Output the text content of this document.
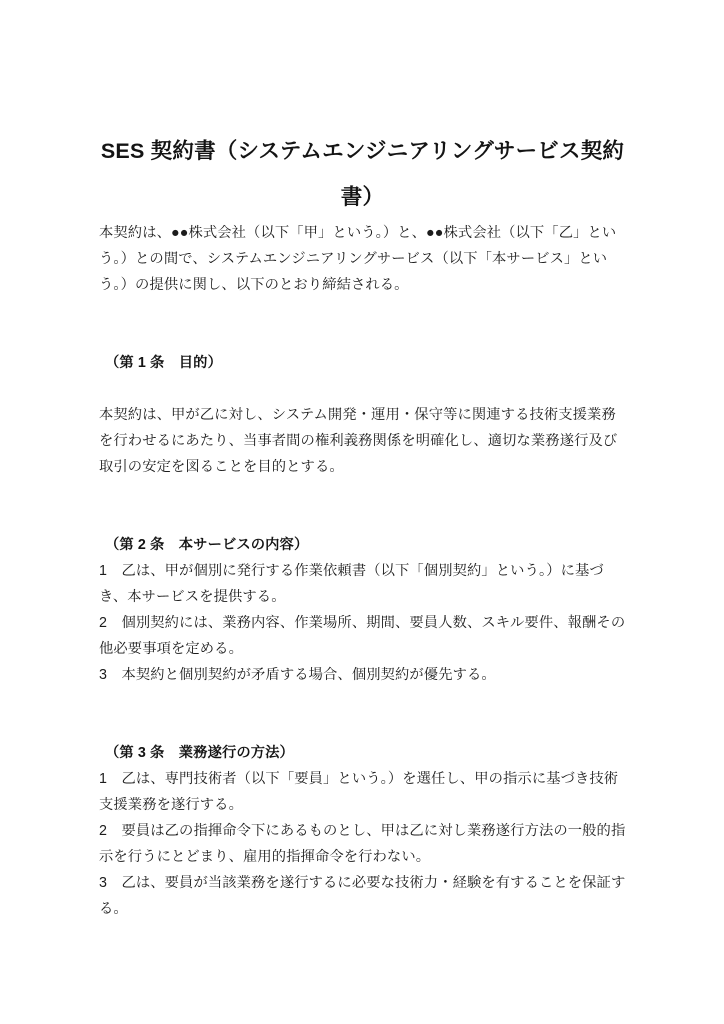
SES 契約書（システムエンジニアリングサービス契約
書）

本契約は、●●株式会社（以下「甲」という。）と、●●株式会社（以下「乙」という。）との間で、システムエンジニアリングサービス（以下「本サービス」という。）の提供に関し、以下のとおり締結される。

（第 1 条　目的）

本契約は、甲が乙に対し、システム開発・運用・保守等に関連する技術支援業務を行わせるにあたり、当事者間の権利義務関係を明確化し、適切な業務遂行及び取引の安定を図ることを目的とする。

（第 2 条　本サービスの内容）
1 乙は、甲が個別に発行する作業依頼書（以下「個別契約」という。）に基づき、本サービスを提供する。
2 個別契約には、業務内容、作業場所、期間、要員人数、スキル要件、報酬その他必要事項を定める。
3 本契約と個別契約が矛盾する場合、個別契約が優先する。
（第 3 条　業務遂行の方法）
1 乙は、専門技術者（以下「要員」という。）を選任し、甲の指示に基づき技術支援業務を遂行する。
2 要員は乙の指揮命令下にあるものとし、甲は乙に対し業務遂行方法の一般的指示を行うにとどまり、雇用的指揮命令を行わない。
3 乙は、要員が当該業務を遂行するに必要な技術力・経験を有することを保証する。
